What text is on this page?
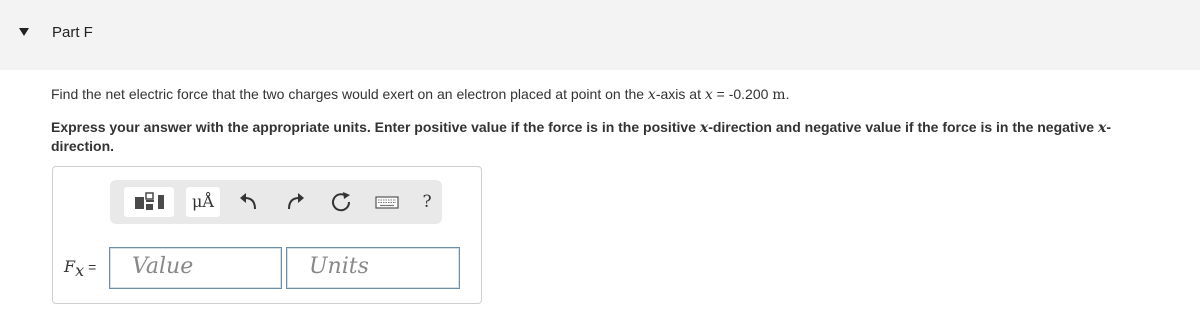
Part F
Find the net electric force that the two charges would exert on an electron placed at point on the x-axis at x = -0.200 m.
Express your answer with the appropriate units. Enter positive value if the force is in the positive x-direction and negative value if the force is in the negative x-direction.
μÅ	?
$F_x$ =	Value	Units
